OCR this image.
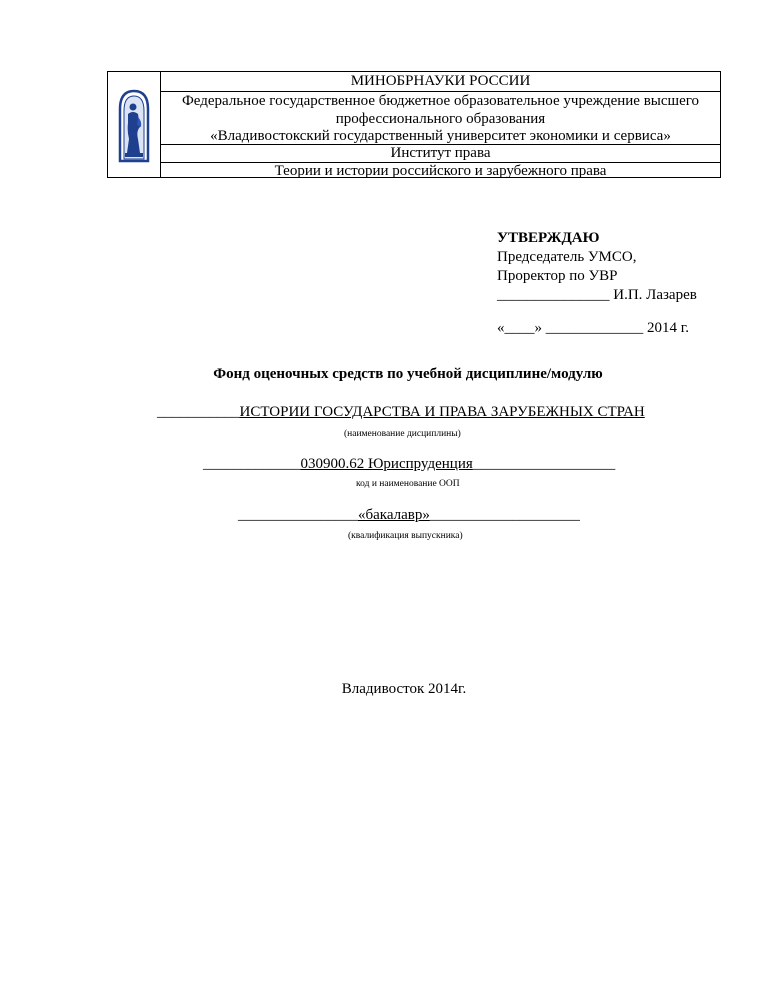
МИНОБРНАУКИ РОССИИ
Федеральное государственное бюджетное образовательное учреждение высшего
профессионального образования
«Владивостокский государственный университет экономики и сервиса»
Институт права
Теории и истории российского и зарубежного права
УТВЕРЖДАЮ
Председатель УМСО,
Проректор по УВР
_______________ И.П. Лазарев
«____» _____________ 2014 г.
Фонд оценочных средств по учебной дисциплине/модулю
___________ИСТОРИИ ГОСУДАРСТВА И ПРАВА ЗАРУБЕЖНЫХ СТРАН
(наименование дисциплины)
_____________030900.62 Юриспруденция___________________
код и наименование ООП
________________«бакалавр»____________________
(квалификация выпускника)
Владивосток 2014г.
